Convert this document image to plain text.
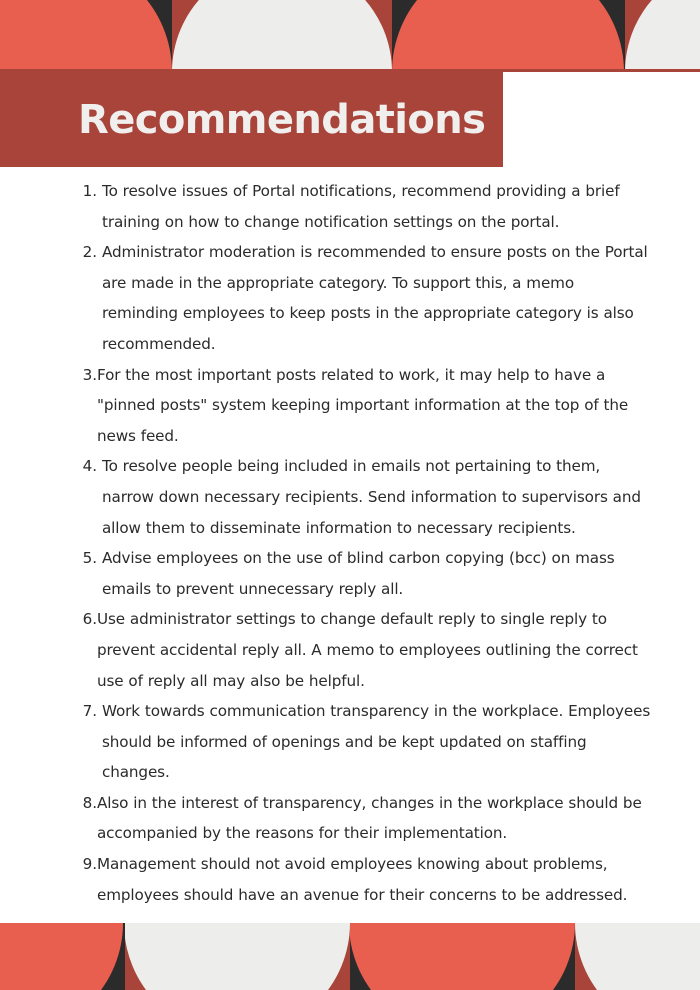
Recommendations
1. To resolve issues of Portal notifications, recommend providing a brief training on how to change notification settings on the portal.
2. Administrator moderation is recommended to ensure posts on the Portal are made in the appropriate category. To support this, a memo reminding employees to keep posts in the appropriate category is also recommended.
3. For the most important posts related to work, it may help to have a "pinned posts" system keeping important information at the top of the news feed.
4. To resolve people being included in emails not pertaining to them, narrow down necessary recipients. Send information to supervisors and allow them to disseminate information to necessary recipients.
5. Advise employees on the use of blind carbon copying (bcc) on mass emails to prevent unnecessary reply all.
6. Use administrator settings to change default reply to single reply to prevent accidental reply all. A memo to employees outlining the correct use of reply all may also be helpful.
7. Work towards communication transparency in the workplace. Employees should be informed of openings and be kept updated on staffing changes.
8. Also in the interest of transparency, changes in the workplace should be accompanied by the reasons for their implementation.
9. Management should not avoid employees knowing about problems, employees should have an avenue for their concerns to be addressed.
